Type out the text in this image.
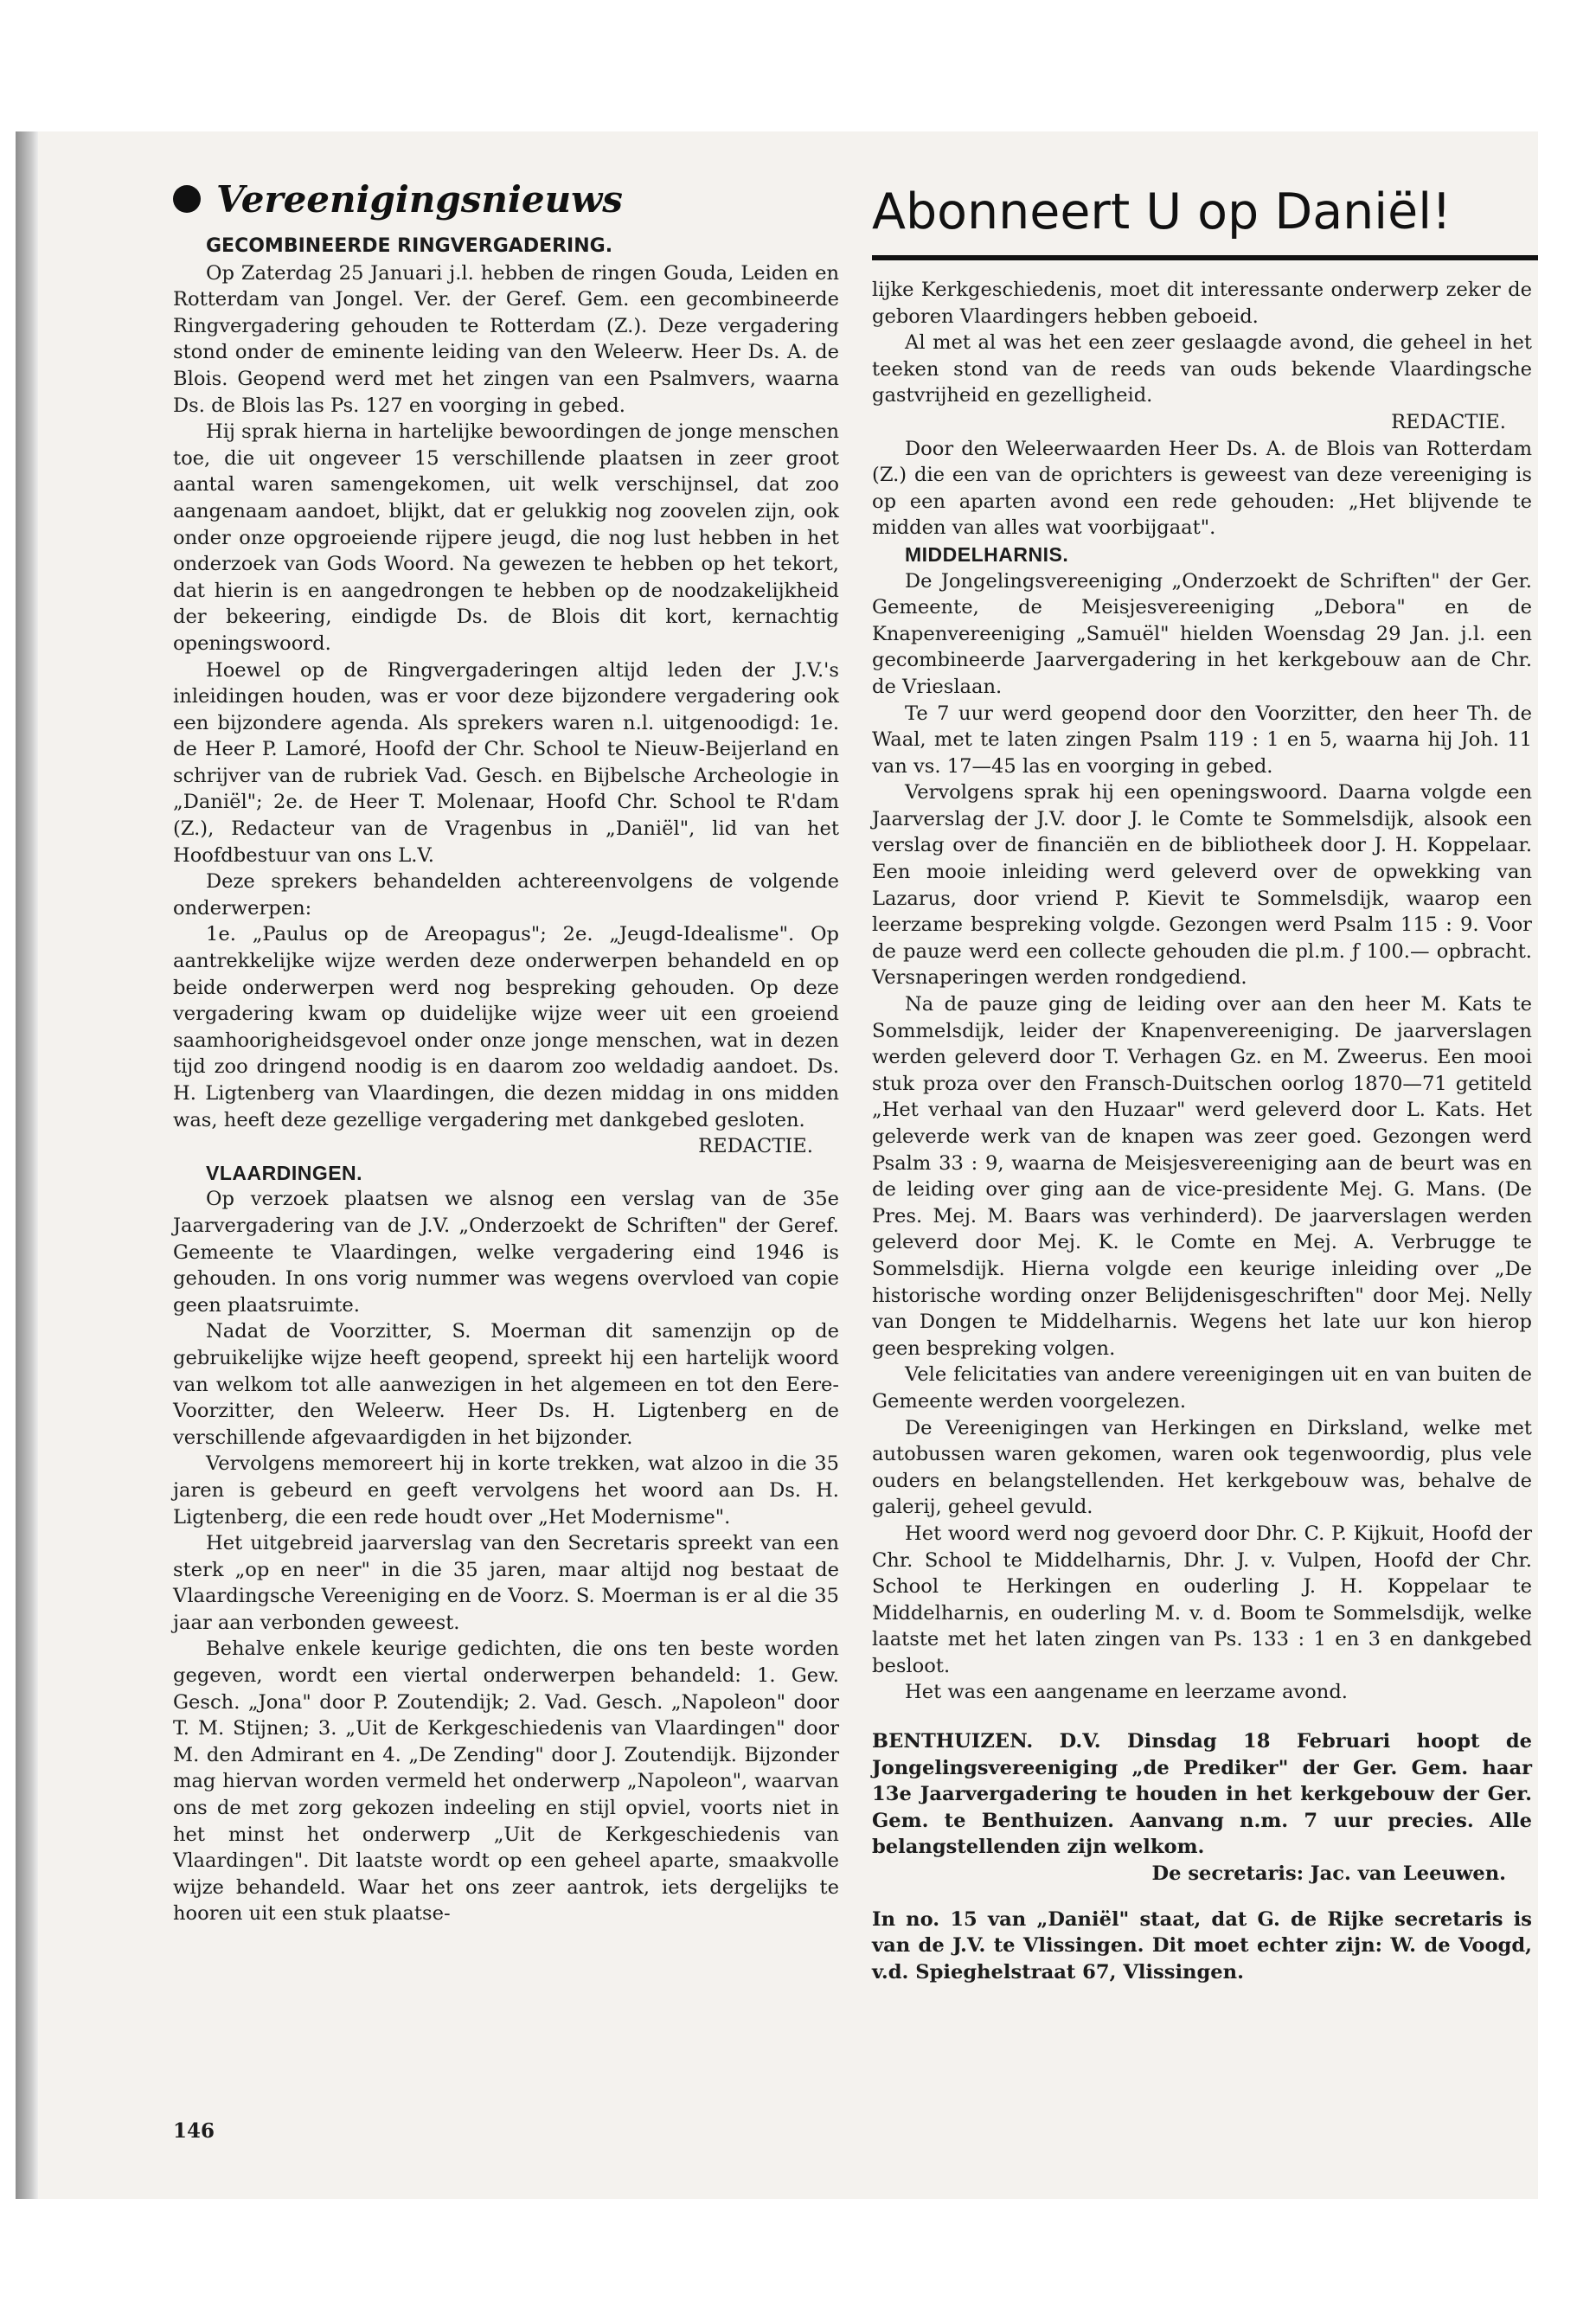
Vereenigingsnieuws	Abonneert U op Daniël!

GECOMBINEERDE RINGVERGADERING.

Op Zaterdag 25 Januari j.l. hebben de ringen Gouda, Leiden en Rotterdam van Jongel. Ver. der Geref. Gem. een gecombineerde Ringvergadering gehouden te Rotterdam (Z.). Deze vergadering stond onder de eminente leiding van den Weleerw. Heer Ds. A. de Blois. Geopend werd met het zingen van een Psalmvers, waarna Ds. de Blois las Ps. 127 en voorging in gebed.

Hij sprak hierna in hartelijke bewoordingen de jonge menschen toe, die uit ongeveer 15 verschillende plaatsen in zeer groot aantal waren samengekomen, uit welk verschijnsel, dat zoo aangenaam aandoet, blijkt, dat er gelukkig nog zoovelen zijn, ook onder onze opgroeiende rijpere jeugd, die nog lust hebben in het onderzoek van Gods Woord. Na gewezen te hebben op het tekort, dat hierin is en aangedrongen te hebben op de noodzakelijkheid der bekeering, eindigde Ds. de Blois dit kort, kernachtig openingswoord.

Hoewel op de Ringvergaderingen altijd leden der J.V.'s inleidingen houden, was er voor deze bijzondere vergadering ook een bijzondere agenda. Als sprekers waren n.l. uitgenoodigd: 1e. de Heer P. Lamoré, Hoofd der Chr. School te Nieuw-Beijerland en schrijver van de rubriek Vad. Gesch. en Bijbelsche Archeologie in „Daniël"; 2e. de Heer T. Molenaar, Hoofd Chr. School te R'dam (Z.), Redacteur van de Vragenbus in „Daniël", lid van het Hoofdbestuur van ons L.V.

Deze sprekers behandelden achtereenvolgens de volgende onderwerpen:

1e. „Paulus op de Areopagus"; 2e. „Jeugd-Idealisme". Op aantrekkelijke wijze werden deze onderwerpen behandeld en op beide onderwerpen werd nog bespreking gehouden. Op deze vergadering kwam op duidelijke wijze weer uit een groeiend saamhoorigheidsgevoel onder onze jonge menschen, wat in dezen tijd zoo dringend noodig is en daarom zoo weldadig aandoet. Ds. H. Ligtenberg van Vlaardingen, die dezen middag in ons midden was, heeft deze gezellige vergadering met dankgebed gesloten.

REDACTIE.

VLAARDINGEN.

Op verzoek plaatsen we alsnog een verslag van de 35e Jaarvergadering van de J.V. „Onderzoekt de Schriften" der Geref. Gemeente te Vlaardingen, welke vergadering eind 1946 is gehouden. In ons vorig nummer was wegens overvloed van copie geen plaatsruimte.

Nadat de Voorzitter, S. Moerman dit samenzijn op de gebruikelijke wijze heeft geopend, spreekt hij een hartelijk woord van welkom tot alle aanwezigen in het algemeen en tot den Eere-Voorzitter, den Weleerw. Heer Ds. H. Ligtenberg en de verschillende afgevaardigden in het bijzonder.

Vervolgens memoreert hij in korte trekken, wat alzoo in die 35 jaren is gebeurd en geeft vervolgens het woord aan Ds. H. Ligtenberg, die een rede houdt over „Het Modernisme".

Het uitgebreid jaarverslag van den Secretaris spreekt van een sterk „op en neer" in die 35 jaren, maar altijd nog bestaat de Vlaardingsche Vereeniging en de Voorz. S. Moerman is er al die 35 jaar aan verbonden geweest.

Behalve enkele keurige gedichten, die ons ten beste worden gegeven, wordt een viertal onderwerpen behandeld: 1. Gew. Gesch. „Jona" door P. Zoutendijk; 2. Vad. Gesch. „Napoleon" door T. M. Stijnen; 3. „Uit de Kerkgeschiedenis van Vlaardingen" door M. den Admirant en 4. „De Zending" door J. Zoutendijk. Bijzonder mag hiervan worden vermeld het onderwerp „Napoleon", waarvan ons de met zorg gekozen indeeling en stijl opviel, voorts niet in het minst het onderwerp „Uit de Kerkgeschiedenis van Vlaardingen". Dit laatste wordt op een geheel aparte, smaakvolle wijze behandeld. Waar het ons zeer aantrok, iets dergelijks te hooren uit een stuk plaatse-

lijke Kerkgeschiedenis, moet dit interessante onderwerp zeker de geboren Vlaardingers hebben geboeid.

Al met al was het een zeer geslaagde avond, die geheel in het teeken stond van de reeds van ouds bekende Vlaardingsche gastvrijheid en gezelligheid.

REDACTIE.

Door den Weleerwaarden Heer Ds. A. de Blois van Rotterdam (Z.) die een van de oprichters is geweest van deze vereeniging is op een aparten avond een rede gehouden: „Het blijvende te midden van alles wat voorbijgaat".

MIDDELHARNIS.

De Jongelingsvereeniging „Onderzoekt de Schriften" der Ger. Gemeente, de Meisjesvereeniging „Debora" en de Knapenvereeniging „Samuël" hielden Woensdag 29 Jan. j.l. een gecombineerde Jaarvergadering in het kerkgebouw aan de Chr. de Vrieslaan.

Te 7 uur werd geopend door den Voorzitter, den heer Th. de Waal, met te laten zingen Psalm 119 : 1 en 5, waarna hij Joh. 11 van vs. 17—45 las en voorging in gebed.

Vervolgens sprak hij een openingswoord. Daarna volgde een Jaarverslag der J.V. door J. le Comte te Sommelsdijk, alsook een verslag over de financiën en de bibliotheek door J. H. Koppelaar. Een mooie inleiding werd geleverd over de opwekking van Lazarus, door vriend P. Kievit te Sommelsdijk, waarop een leerzame bespreking volgde. Gezongen werd Psalm 115 : 9. Voor de pauze werd een collecte gehouden die pl.m. ƒ 100.— opbracht. Versnaperingen werden rondgediend.

Na de pauze ging de leiding over aan den heer M. Kats te Sommelsdijk, leider der Knapenvereeniging. De jaarverslagen werden geleverd door T. Verhagen Gz. en M. Zweerus. Een mooi stuk proza over den Fransch-Duitschen oorlog 1870—71 getiteld „Het verhaal van den Huzaar" werd geleverd door L. Kats. Het geleverde werk van de knapen was zeer goed. Gezongen werd Psalm 33 : 9, waarna de Meisjesvereeniging aan de beurt was en de leiding over ging aan de vice-presidente Mej. G. Mans. (De Pres. Mej. M. Baars was verhinderd). De jaarverslagen werden geleverd door Mej. K. le Comte en Mej. A. Verbrugge te Sommelsdijk. Hierna volgde een keurige inleiding over „De historische wording onzer Belijdenisgeschriften" door Mej. Nelly van Dongen te Middelharnis. Wegens het late uur kon hierop geen bespreking volgen.

Vele felicitaties van andere vereenigingen uit en van buiten de Gemeente werden voorgelezen.

De Vereenigingen van Herkingen en Dirksland, welke met autobussen waren gekomen, waren ook tegenwoordig, plus vele ouders en belangstellenden. Het kerkgebouw was, behalve de galerij, geheel gevuld.

Het woord werd nog gevoerd door Dhr. C. P. Kijkuit, Hoofd der Chr. School te Middelharnis, Dhr. J. v. Vulpen, Hoofd der Chr. School te Herkingen en ouderling J. H. Koppelaar te Middelharnis, en ouderling M. v. d. Boom te Sommelsdijk, welke laatste met het laten zingen van Ps. 133 : 1 en 3 en dankgebed besloot.

Het was een aangename en leerzame avond.

BENTHUIZEN. D.V. Dinsdag 18 Februari hoopt de Jongelingsvereeniging „de Prediker" der Ger. Gem. haar 13e Jaarvergadering te houden in het kerkgebouw der Ger. Gem. te Benthuizen. Aanvang n.m. 7 uur precies. Alle belangstellenden zijn welkom.

De secretaris: Jac. van Leeuwen.

In no. 15 van „Daniël" staat, dat G. de Rijke secretaris is van de J.V. te Vlissingen. Dit moet echter zijn: W. de Voogd, v.d. Spieghelstraat 67, Vlissingen.

146
